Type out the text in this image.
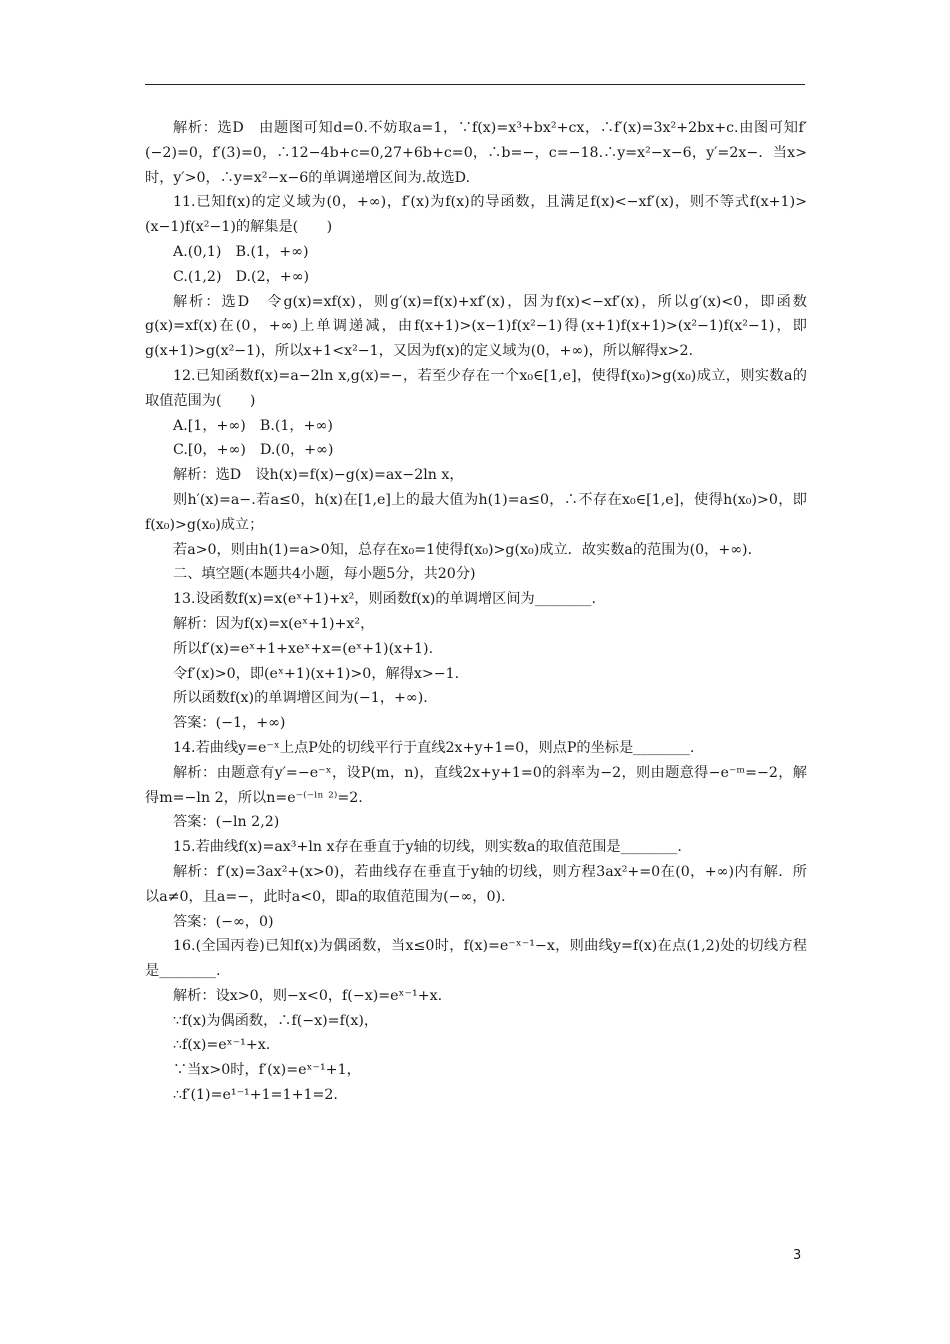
解析：选D　由题图可知d=0.不妨取a=1，∵f(x)=x³+bx²+cx，∴f′(x)=3x²+2bx+c.由图可知f′(−2)=0，f′(3)=0，∴12−4b+c=0,27+6b+c=0，∴b=−，c=−18.∴y=x²−x−6，y′=2x−．当x>时，y′>0，∴y=x²−x−6的单调递增区间为.故选D.

11.已知f(x)的定义域为(0，+∞)，f′(x)为f(x)的导函数，且满足f(x)<−xf′(x)，则不等式f(x+1)>(x−1)f(x²−1)的解集是(　　)

A.(0,1)　B.(1，+∞)

C.(1,2)　D.(2，+∞)

解析：选D　令g(x)=xf(x)，则g′(x)=f(x)+xf′(x)，因为f(x)<−xf′(x)，所以g′(x)<0，即函数g(x)=xf(x)在(0，+∞)上单调递减，由f(x+1)>(x−1)f(x²−1)得(x+1)f(x+1)>(x²−1)f(x²−1)，即g(x+1)>g(x²−1)，所以x+1<x²−1，又因为f(x)的定义域为(0，+∞)，所以解得x>2.

12.已知函数f(x)=a−2ln x,g(x)=−，若至少存在一个x₀∈[1,e]，使得f(x₀)>g(x₀)成立，则实数a的取值范围为(　　)

A.[1，+∞)　B.(1，+∞)

C.[0，+∞)　D.(0，+∞)

解析：选D　设h(x)=f(x)−g(x)=ax−2ln x，

则h′(x)=a−.若a≤0，h(x)在[1,e]上的最大值为h(1)=a≤0，∴不存在x₀∈[1,e]，使得h(x₀)>0，即f(x₀)>g(x₀)成立；

若a>0，则由h(1)=a>0知，总存在x₀=1使得f(x₀)>g(x₀)成立．故实数a的范围为(0，+∞)．

二、填空题(本题共4小题，每小题5分，共20分)

13.设函数f(x)=x(eˣ+1)+x²，则函数f(x)的单调增区间为________.

解析：因为f(x)=x(eˣ+1)+x²，

所以f′(x)=eˣ+1+xeˣ+x=(eˣ+1)(x+1).

令f′(x)>0，即(eˣ+1)(x+1)>0，解得x>−1.

所以函数f(x)的单调增区间为(−1，+∞).

答案：(−1，+∞)

14.若曲线y=e⁻ˣ上点P处的切线平行于直线2x+y+1=0，则点P的坐标是________.

解析：由题意有y′=−e⁻ˣ，设P(m，n)，直线2x+y+1=0的斜率为−2，则由题意得−e⁻ᵐ=−2，解得m=−ln 2，所以n=e⁻⁽⁻ˡⁿ ²⁾=2.

答案：(−ln 2,2)

15.若曲线f(x)=ax³+ln x存在垂直于y轴的切线，则实数a的取值范围是________.

解析：f′(x)=3ax²+(x>0)，若曲线存在垂直于y轴的切线，则方程3ax²+=0在(0，+∞)内有解．所以a≠0，且a=−，此时a<0，即a的取值范围为(−∞，0).

答案：(−∞，0)

16.(全国丙卷)已知f(x)为偶函数，当x≤0时，f(x)=e⁻ˣ⁻¹−x，则曲线y=f(x)在点(1,2)处的切线方程是________.

解析：设x>0，则−x<0，f(−x)=eˣ⁻¹+x.

∵f(x)为偶函数，∴f(−x)=f(x)，

∴f(x)=eˣ⁻¹+x.

∵当x>0时，f′(x)=eˣ⁻¹+1，

∴f′(1)=e¹⁻¹+1=1+1=2.

3
